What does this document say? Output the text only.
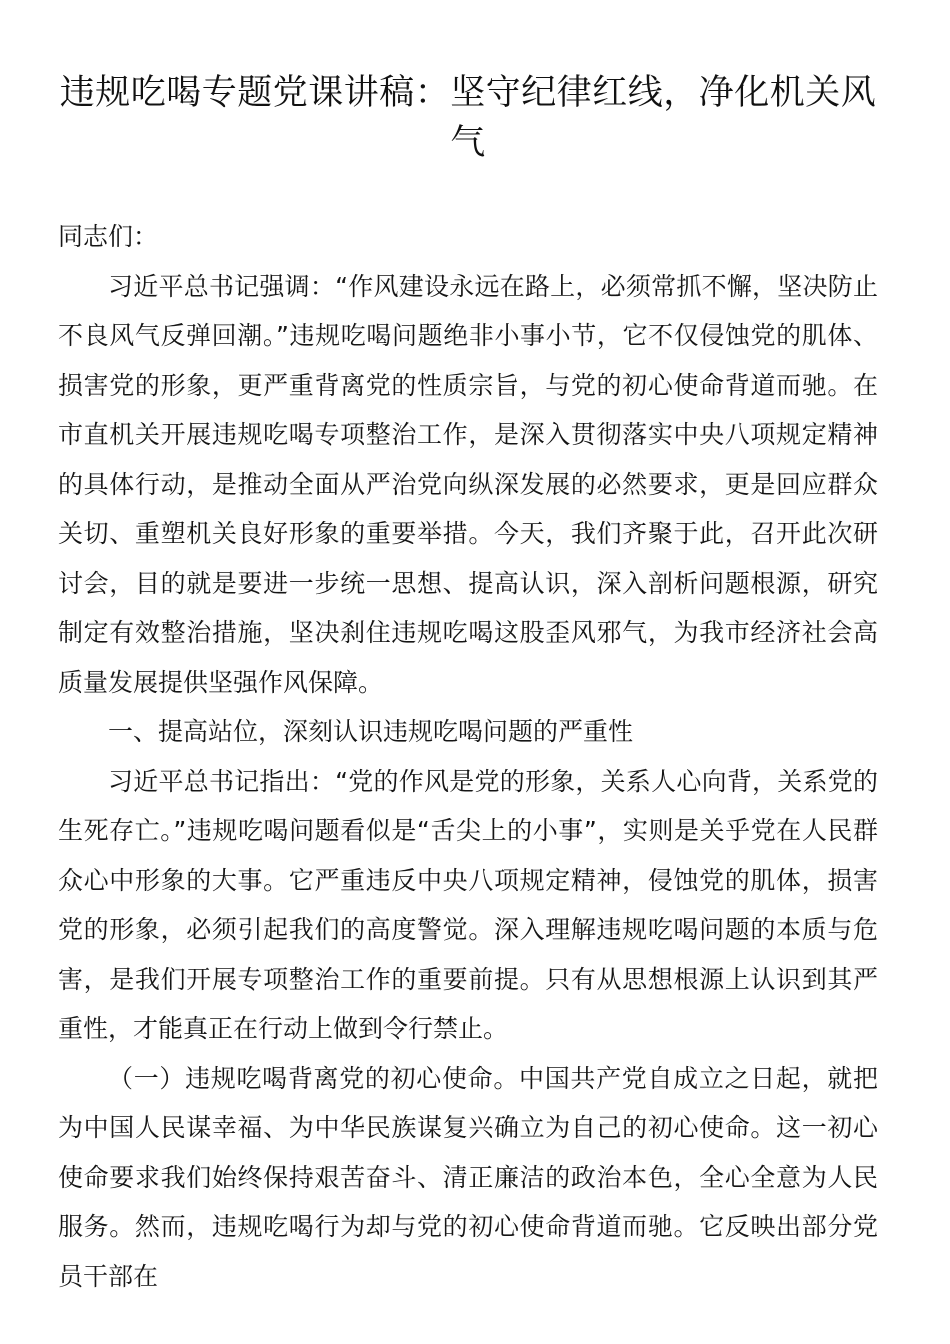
违规吃喝专题党课讲稿：坚守纪律红线，净化机关风气

同志们：

习近平总书记强调：“作风建设永远在路上，必须常抓不懈，坚决防止不良风气反弹回潮。”违规吃喝问题绝非小事小节，它不仅侵蚀党的肌体、损害党的形象，更严重背离党的性质宗旨，与党的初心使命背道而驰。在市直机关开展违规吃喝专项整治工作，是深入贯彻落实中央八项规定精神的具体行动，是推动全面从严治党向纵深发展的必然要求，更是回应群众关切、重塑机关良好形象的重要举措。今天，我们齐聚于此，召开此次研讨会，目的就是要进一步统一思想、提高认识，深入剖析问题根源，研究制定有效整治措施，坚决刹住违规吃喝这股歪风邪气，为我市经济社会高质量发展提供坚强作风保障。

一、提高站位，深刻认识违规吃喝问题的严重性

习近平总书记指出：“党的作风是党的形象，关系人心向背，关系党的生死存亡。”违规吃喝问题看似是“舌尖上的小事”，实则是关乎党在人民群众心中形象的大事。它严重违反中央八项规定精神，侵蚀党的肌体，损害党的形象，必须引起我们的高度警觉。深入理解违规吃喝问题的本质与危害，是我们开展专项整治工作的重要前提。只有从思想根源上认识到其严重性，才能真正在行动上做到令行禁止。

（一）违规吃喝背离党的初心使命。中国共产党自成立之日起，就把为中国人民谋幸福、为中华民族谋复兴确立为自己的初心使命。这一初心使命要求我们始终保持艰苦奋斗、清正廉洁的政治本色，全心全意为人民服务。然而，违规吃喝行为却与党的初心使命背道而驰。它反映出部分党员干部在
